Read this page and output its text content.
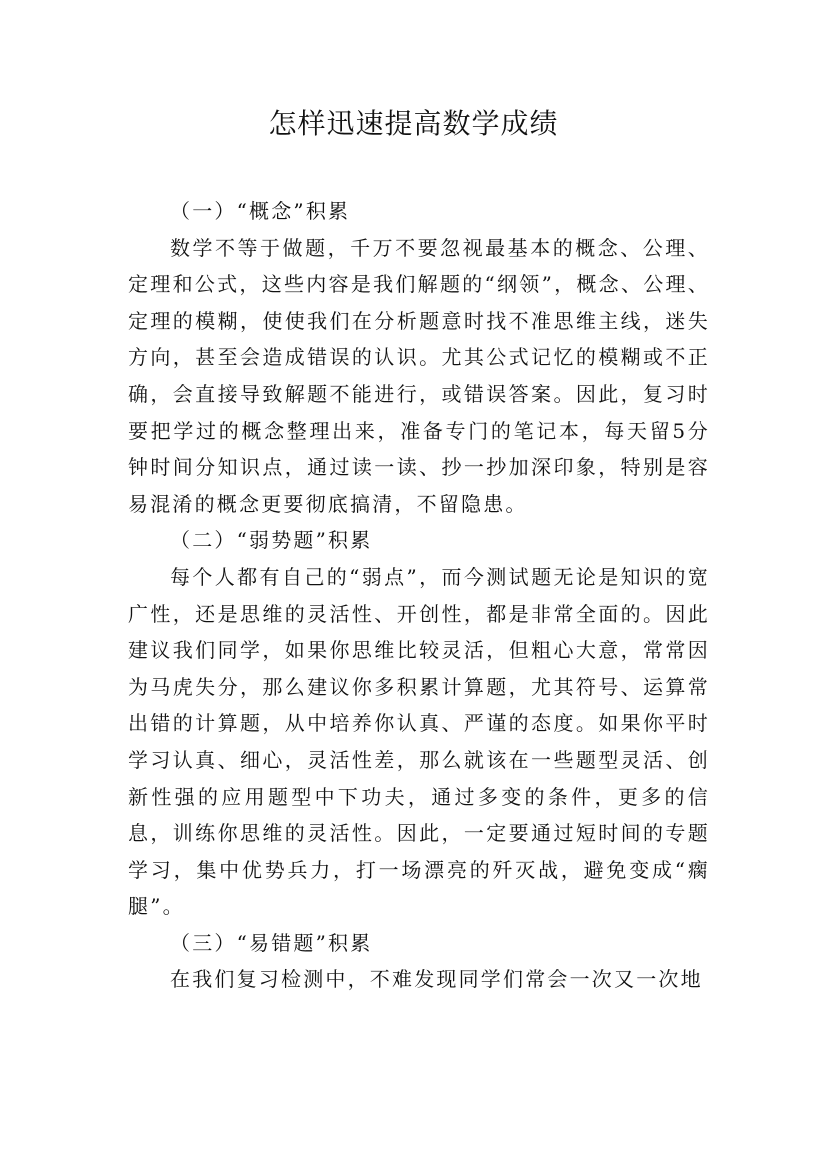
怎样迅速提高数学成绩

（一）“概念”积累

数学不等于做题，千万不要忽视最基本的概念、公理、定理和公式，这些内容是我们解题的“纲领”，概念、公理、定理的模糊，使使我们在分析题意时找不准思维主线，迷失方向，甚至会造成错误的认识。尤其公式记忆的模糊或不正确，会直接导致解题不能进行，或错误答案。因此，复习时要把学过的概念整理出来，准备专门的笔记本，每天留5分钟时间分知识点，通过读一读、抄一抄加深印象，特别是容易混淆的概念更要彻底搞清，不留隐患。

（二）“弱势题”积累

每个人都有自己的“弱点”，而今测试题无论是知识的宽广性，还是思维的灵活性、开创性，都是非常全面的。因此建议我们同学，如果你思维比较灵活，但粗心大意，常常因为马虎失分，那么建议你多积累计算题，尤其符号、运算常出错的计算题，从中培养你认真、严谨的态度。如果你平时学习认真、细心，灵活性差，那么就该在一些题型灵活、创新性强的应用题型中下功夫，通过多变的条件，更多的信息，训练你思维的灵活性。因此，一定要通过短时间的专题学习，集中优势兵力，打一场漂亮的歼灭战，避免变成“瘸腿”。

（三）“易错题”积累

在我们复习检测中，不难发现同学们常会一次又一次地
